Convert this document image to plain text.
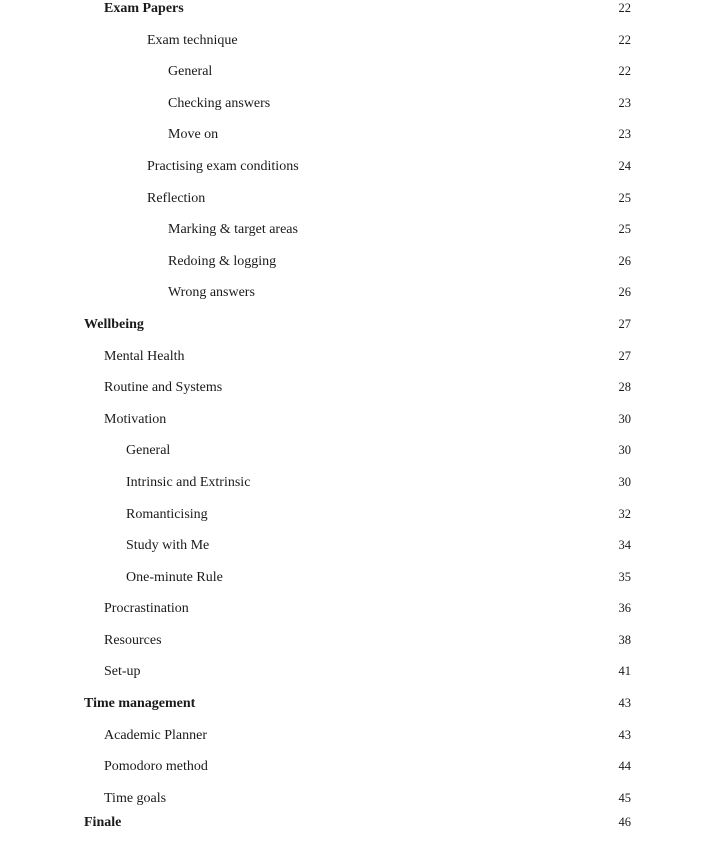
Exam Papers	22
Exam technique	22
General	22
Checking answers	23
Move on	23
Practising exam conditions	24
Reflection	25
Marking & target areas	25
Redoing & logging	26
Wrong answers	26
Wellbeing	27
Mental Health	27
Routine and Systems	28
Motivation	30
General	30
Intrinsic and Extrinsic	30
Romanticising	32
Study with Me	34
One-minute Rule	35
Procrastination	36
Resources	38
Set-up	41
Time management	43
Academic Planner	43
Pomodoro method	44
Time goals	45
Finale	46
